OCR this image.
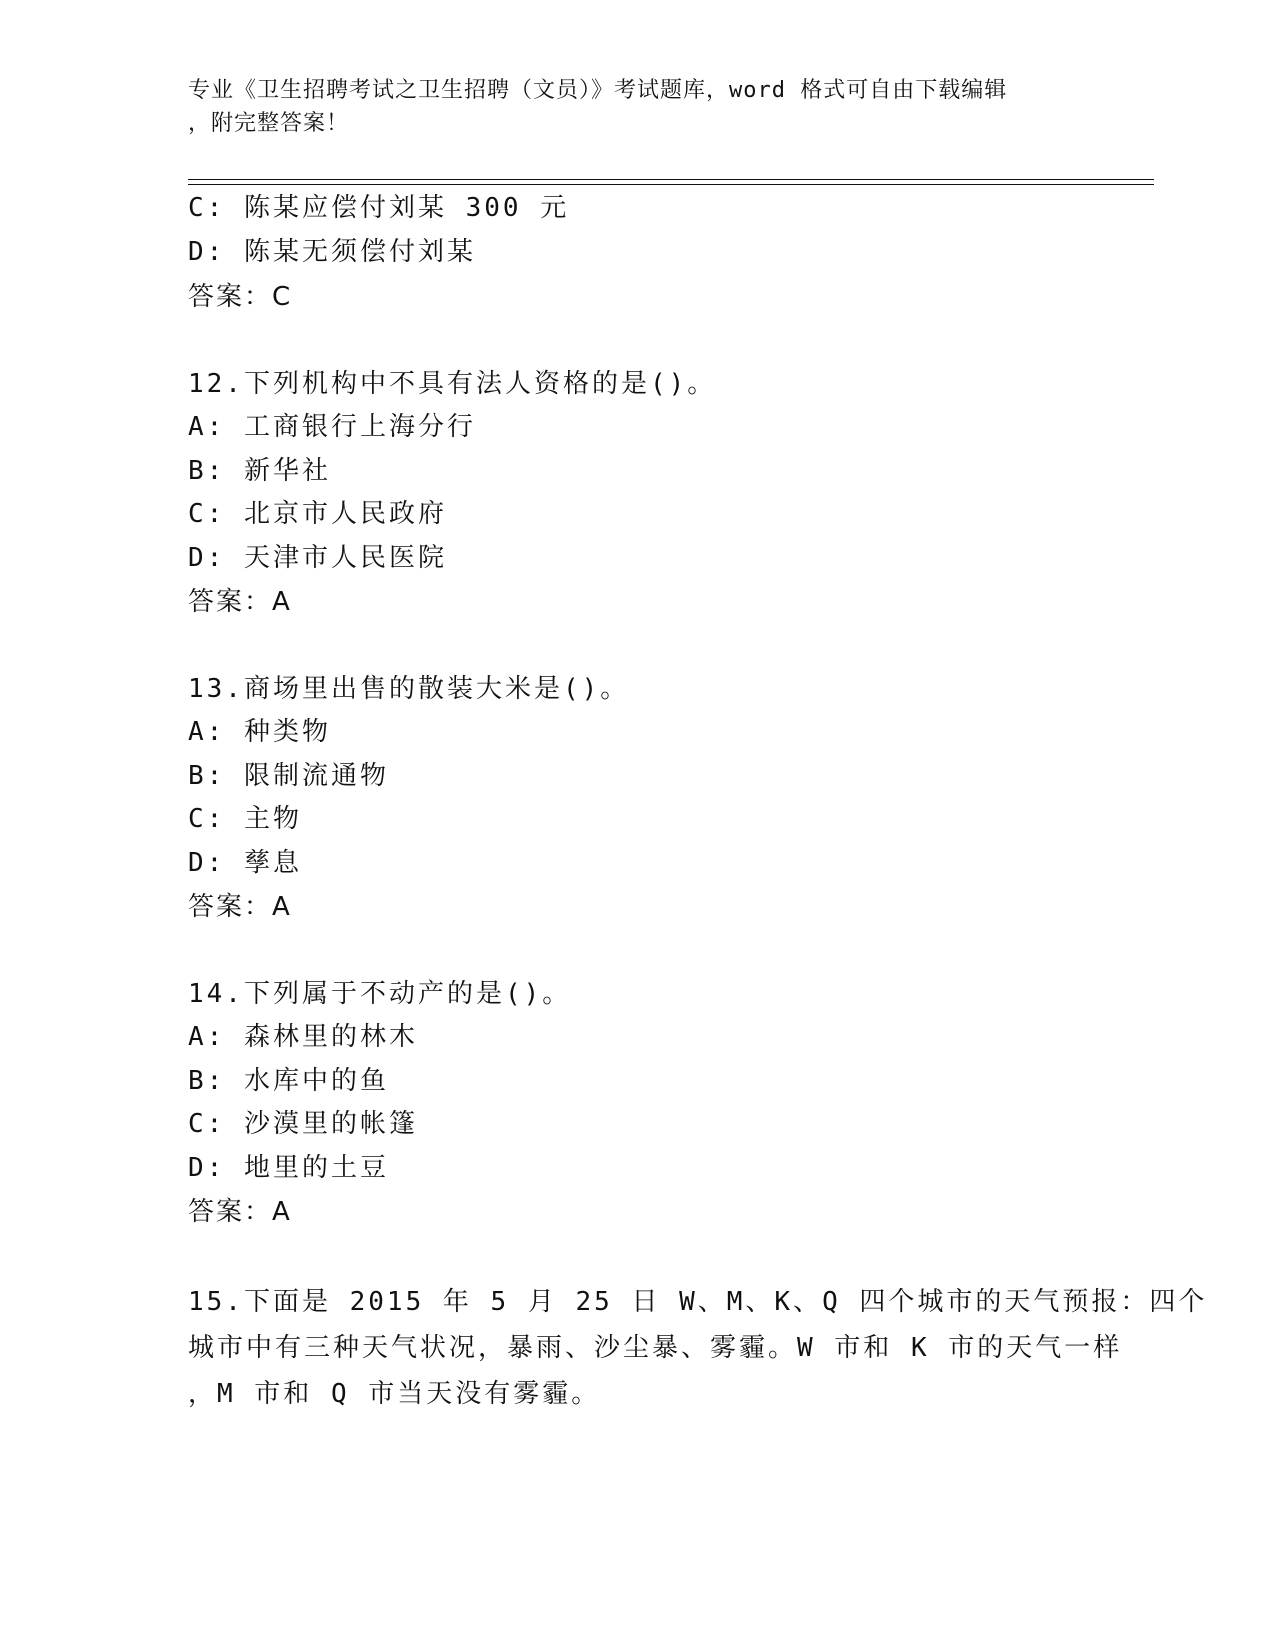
专业《卫生招聘考试之卫生招聘（文员）》考试题库，word 格式可自由下载编辑
，附完整答案！
C: 陈某应偿付刘某 300 元
D: 陈某无须偿付刘某
答案：C
12.下列机构中不具有法人资格的是()。
A: 工商银行上海分行
B: 新华社
C: 北京市人民政府
D: 天津市人民医院
答案：A
13.商场里出售的散装大米是()。
A: 种类物
B: 限制流通物
C: 主物
D: 孳息
答案：A
14.下列属于不动产的是()。
A: 森林里的林木
B: 水库中的鱼
C: 沙漠里的帐篷
D: 地里的土豆
答案：A
15.下面是 2015 年 5 月 25 日 W、M、K、Q 四个城市的天气预报：四个
城市中有三种天气状况，暴雨、沙尘暴、雾霾。W 市和 K 市的天气一样
，M 市和 Q 市当天没有雾霾。
